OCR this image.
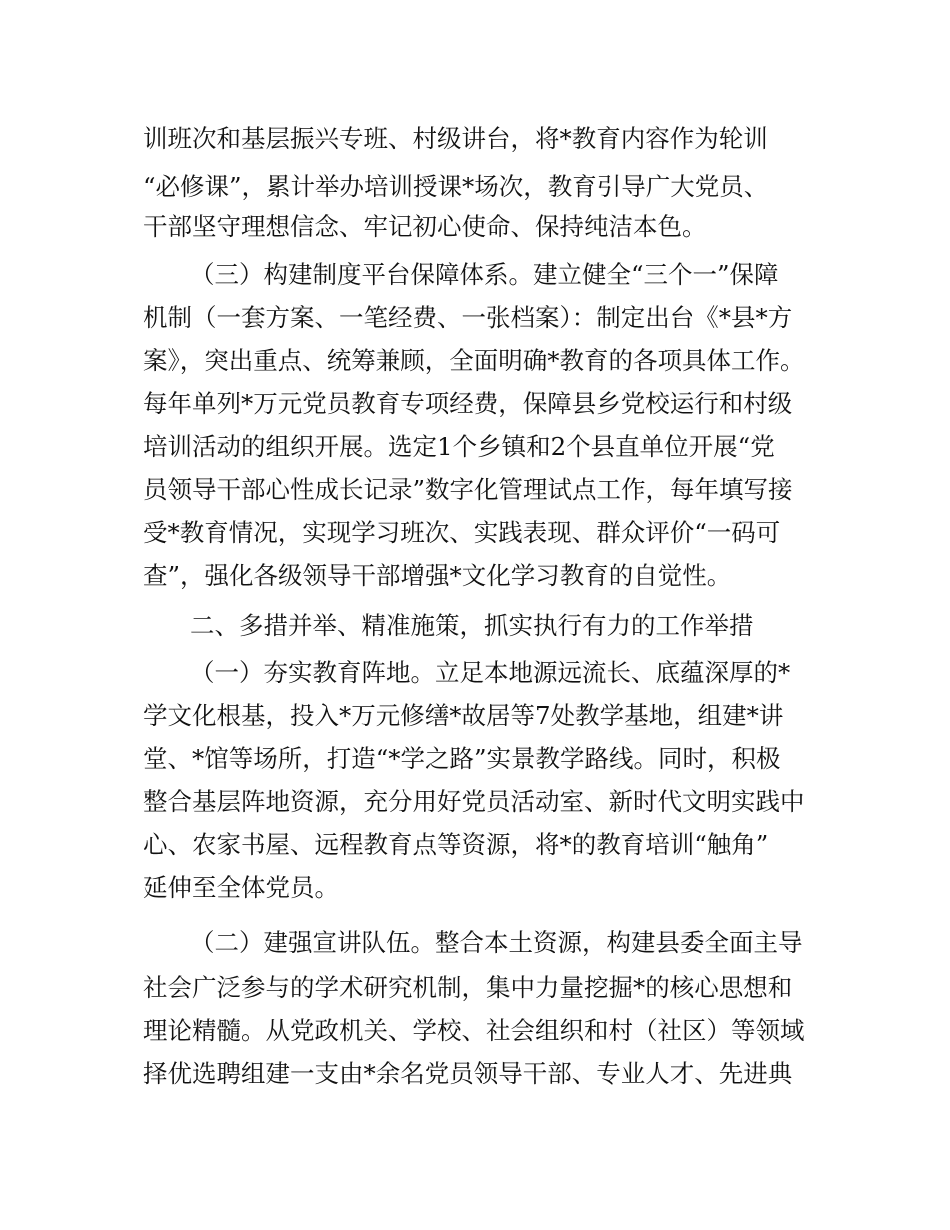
训班次和基层振兴专班、村级讲台，将*教育内容作为轮训
“必修课”，累计举办培训授课*场次，教育引导广大党员、
干部坚守理想信念、牢记初心使命、保持纯洁本色。
（三）构建制度平台保障体系。建立健全“三个一”保障
机制（一套方案、一笔经费、一张档案）：制定出台《*县*方
案》，突出重点、统筹兼顾，全面明确*教育的各项具体工作。
每年单列*万元党员教育专项经费，保障县乡党校运行和村级
培训活动的组织开展。选定1个乡镇和2个县直单位开展“党
员领导干部心性成长记录”数字化管理试点工作，每年填写接
受*教育情况，实现学习班次、实践表现、群众评价“一码可
查”，强化各级领导干部增强*文化学习教育的自觉性。
二、多措并举、精准施策，抓实执行有力的工作举措
（一）夯实教育阵地。立足本地源远流长、底蕴深厚的*
学文化根基，投入*万元修缮*故居等7处教学基地，组建*讲
堂、*馆等场所，打造“*学之路”实景教学路线。同时，积极
整合基层阵地资源，充分用好党员活动室、新时代文明实践中
心、农家书屋、远程教育点等资源，将*的教育培训“触角”
延伸至全体党员。
（二）建强宣讲队伍。整合本土资源，构建县委全面主导
社会广泛参与的学术研究机制，集中力量挖掘*的核心思想和
理论精髓。从党政机关、学校、社会组织和村（社区）等领域
择优选聘组建一支由*余名党员领导干部、专业人才、先进典
